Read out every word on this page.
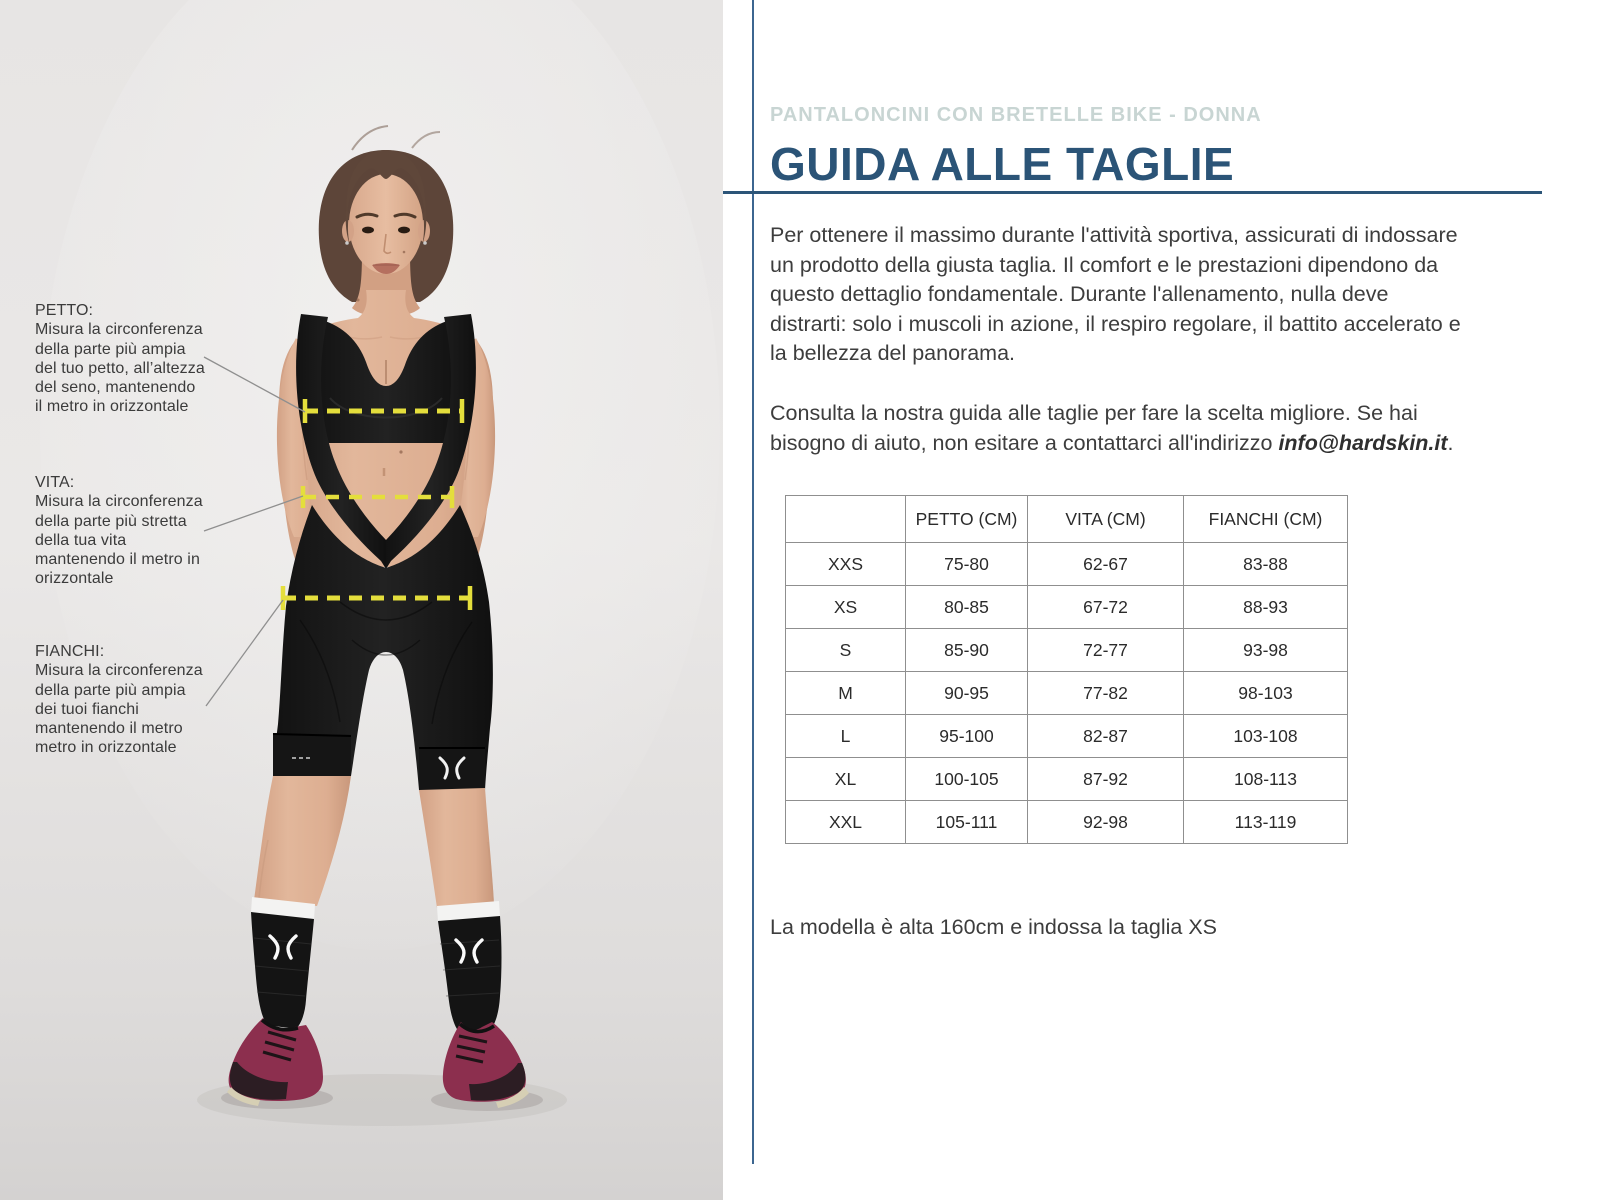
PETTO:
Misura la circonferenza
della parte più ampia
del tuo petto, all’altezza
del seno, mantenendo
il metro in orizzontale
VITA:
Misura la circonferenza
della parte più stretta
della tua vita
mantenendo il metro in
orizzontale
FIANCHI:
Misura la circonferenza
della parte più ampia
dei tuoi fianchi
mantenendo il metro
metro in orizzontale
PANTALONCINI CON BRETELLE BIKE - DONNA
GUIDA ALLE TAGLIE
Per ottenere il massimo durante l'attività sportiva, assicurati di indossare
un prodotto della giusta taglia. Il comfort e le prestazioni dipendono da
questo dettaglio fondamentale. Durante l'allenamento, nulla deve
distrarti: solo i muscoli in azione, il respiro regolare, il battito accelerato e
la bellezza del panorama.
Consulta la nostra guida alle taglie per fare la scelta migliore. Se hai
bisogno di aiuto, non esitare a contattarci all'indirizzo info@hardskin.it.
	PETTO (CM)	VITA (CM)	FIANCHI (CM)
XXS	75-80	62-67	83-88
XS	80-85	67-72	88-93
S	85-90	72-77	93-98
M	90-95	77-82	98-103
L	95-100	82-87	103-108
XL	100-105	87-92	108-113
XXL	105-111	92-98	113-119
La modella è alta 160cm e indossa la taglia XS
